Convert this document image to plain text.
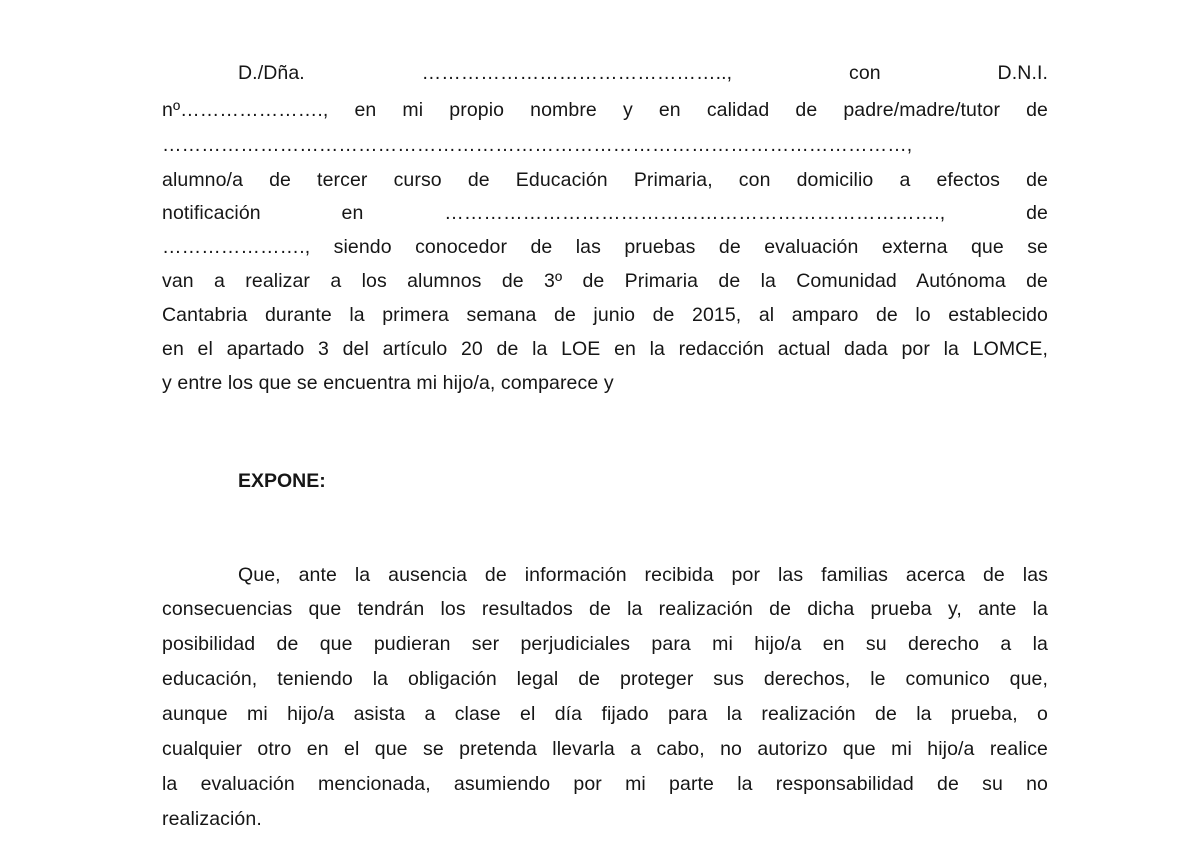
D./Dña. ……………………………………….., con D.N.I.
nº…………………., en mi propio nombre y en calidad de padre/madre/tutor de
……………………………………………………………………………………………………,
alumno/a de tercer curso de Educación Primaria, con domicilio a efectos de
notificación en …………………………………………………………………., de
…………………., siendo conocedor de las pruebas de evaluación externa que se
van a realizar a los alumnos de 3º de Primaria de la Comunidad Autónoma de
Cantabria durante la primera semana de junio de 2015, al amparo de lo establecido
en el apartado 3 del artículo 20 de la LOE en la redacción actual dada por la LOMCE,
y entre los que se encuentra mi hijo/a, comparece y
EXPONE:
Que, ante la ausencia de información recibida por las familias acerca de las
consecuencias que tendrán los resultados de la realización de dicha prueba y, ante la
posibilidad de que pudieran ser perjudiciales para mi hijo/a en su derecho a la
educación, teniendo la obligación legal de proteger sus derechos, le comunico que,
aunque mi hijo/a asista a clase el día fijado para la realización de la prueba, o
cualquier otro en el que se pretenda llevarla a cabo, no autorizo que mi hijo/a realice
la evaluación mencionada, asumiendo por mi parte la responsabilidad de su no
realización.
